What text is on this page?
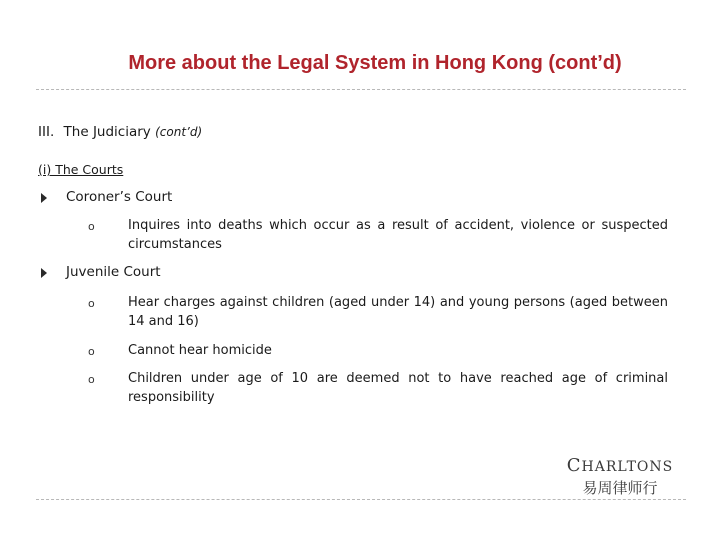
More about the Legal System in Hong Kong (cont’d)
III. The Judiciary (cont’d)
(i) The Courts
Coroner’s Court
o	Inquires into deaths which occur as a result of accident, violence or suspected circumstances
Juvenile Court
o	Hear charges against children (aged under 14) and young persons (aged between 14 and 16)
o	Cannot hear homicide
o	Children under age of 10 are deemed not to have reached age of criminal responsibility
CHARLTONS
易周律师行
